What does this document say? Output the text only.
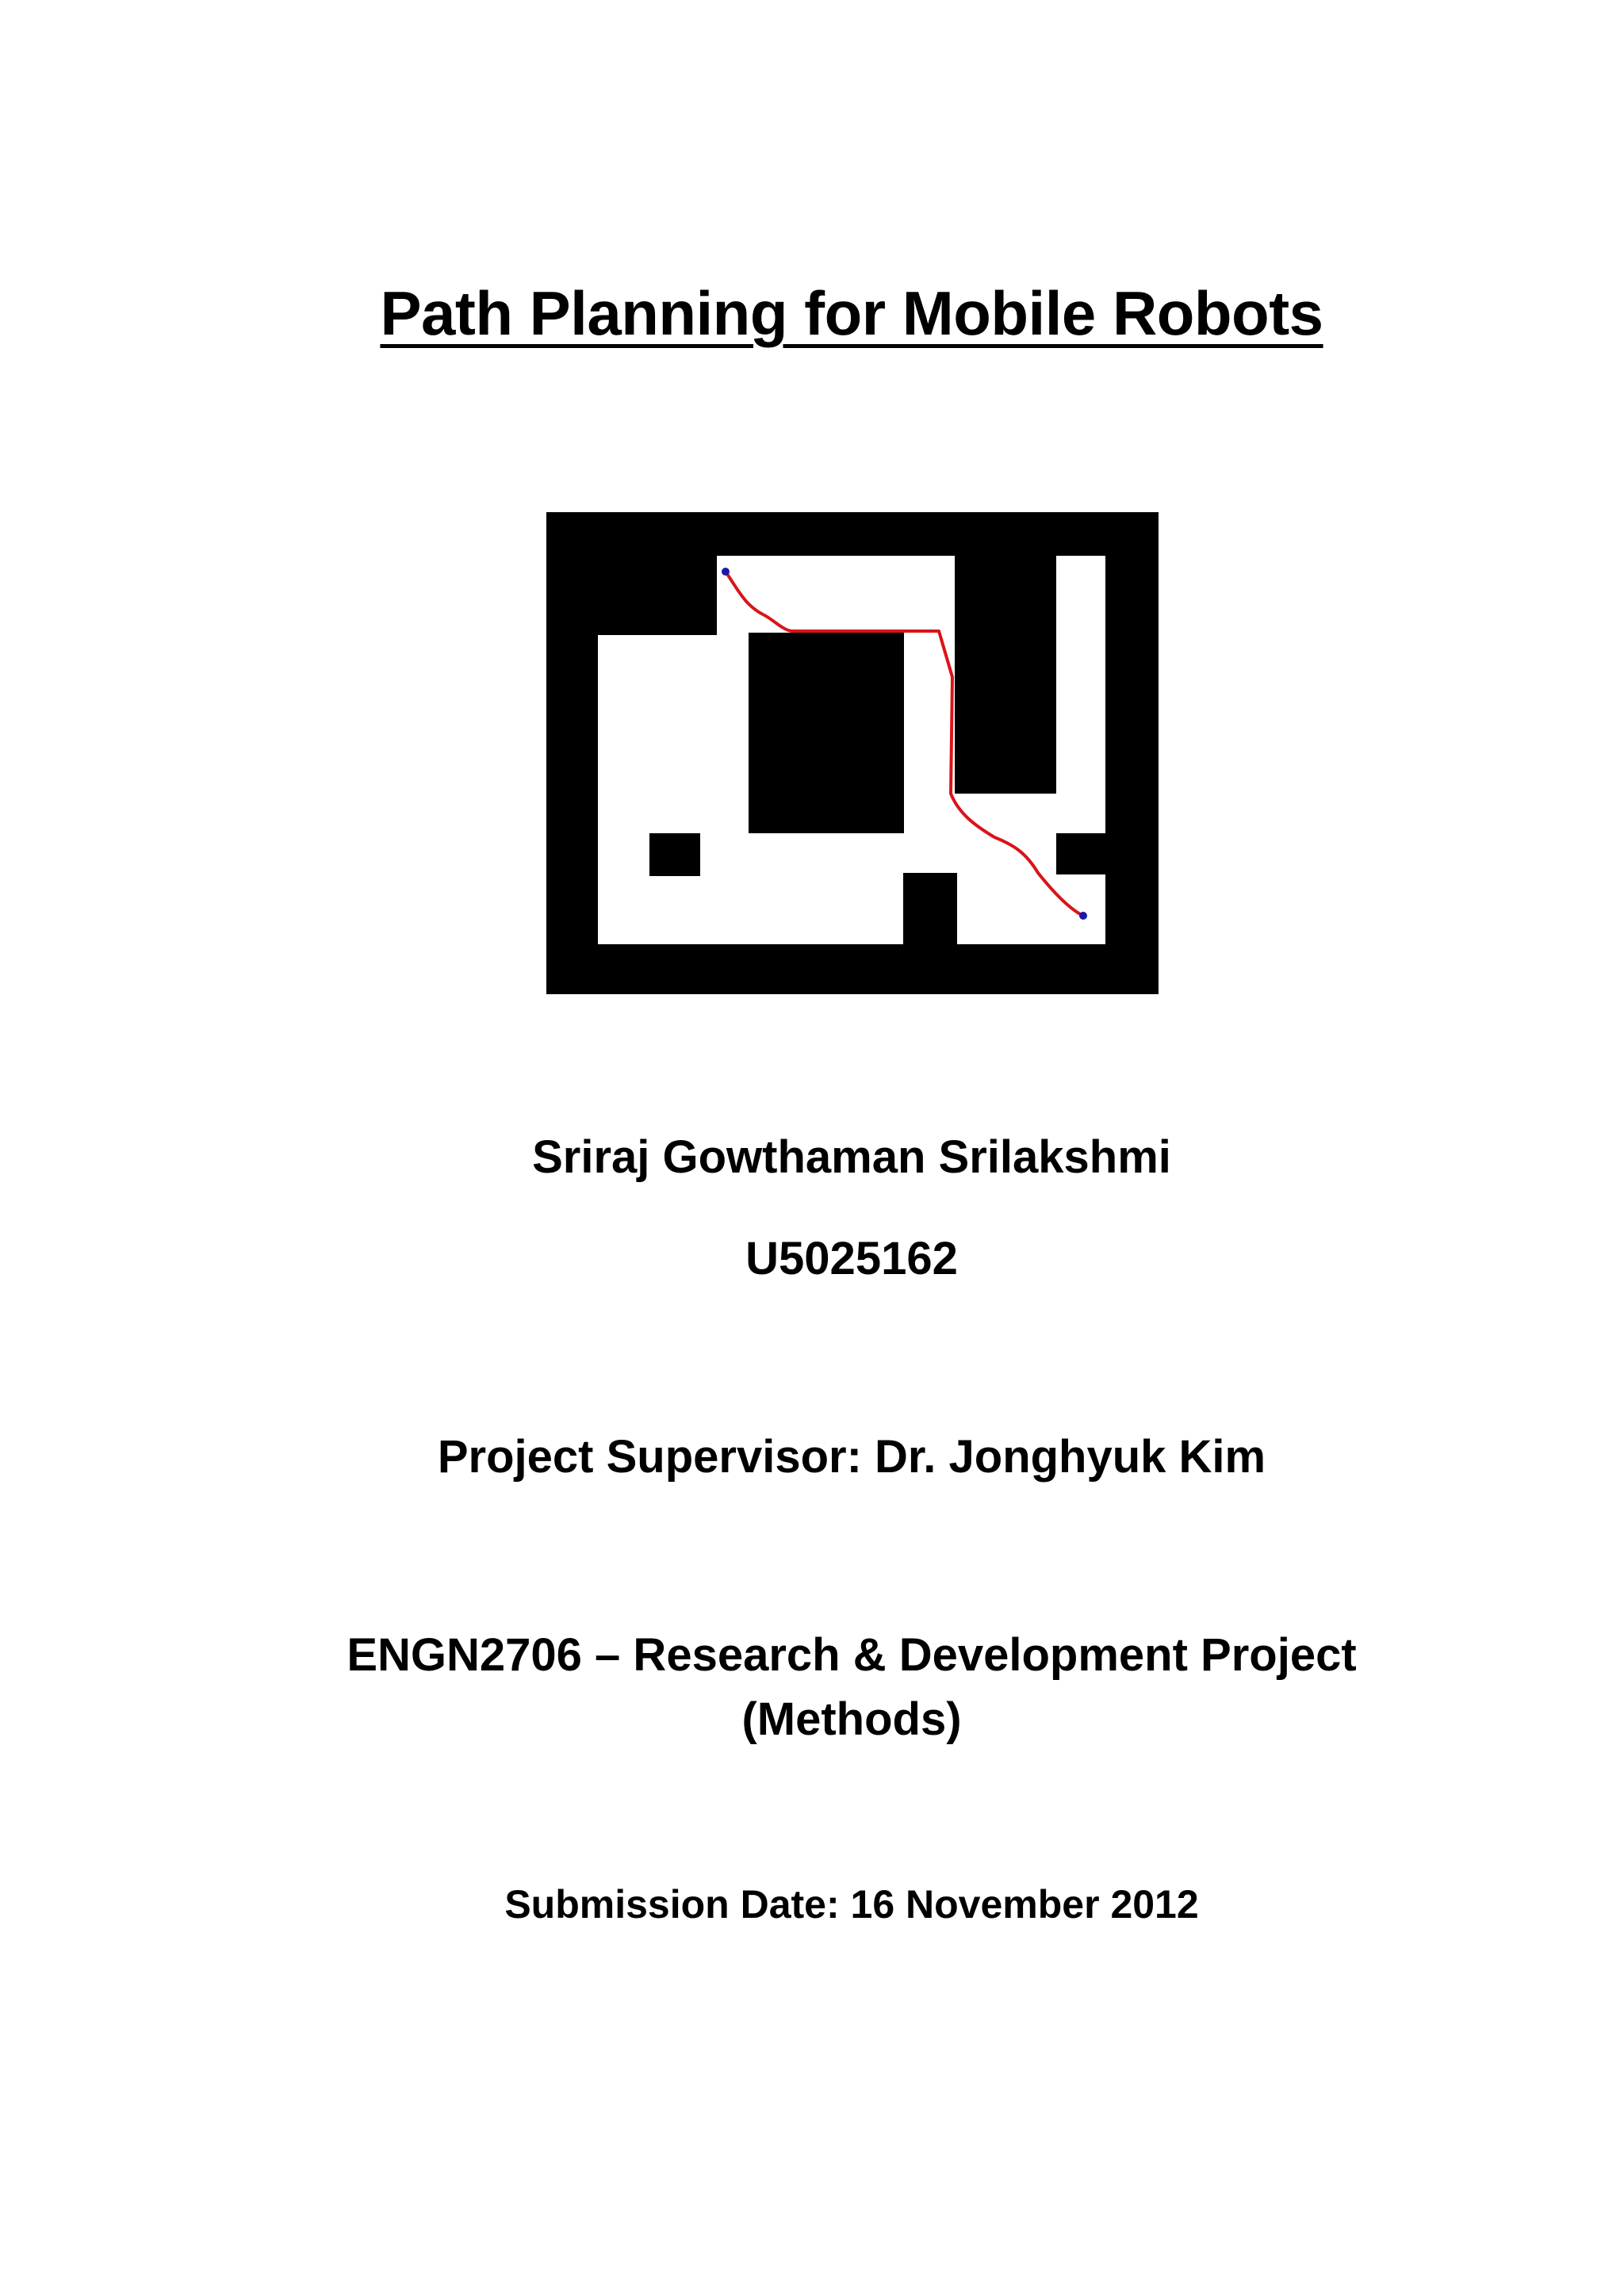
Path Planning for Mobile Robots
Sriraj Gowthaman Srilakshmi
U5025162
Project Supervisor: Dr. Jonghyuk Kim
ENGN2706 – Research & Development Project
(Methods)
Submission Date: 16 November 2012
